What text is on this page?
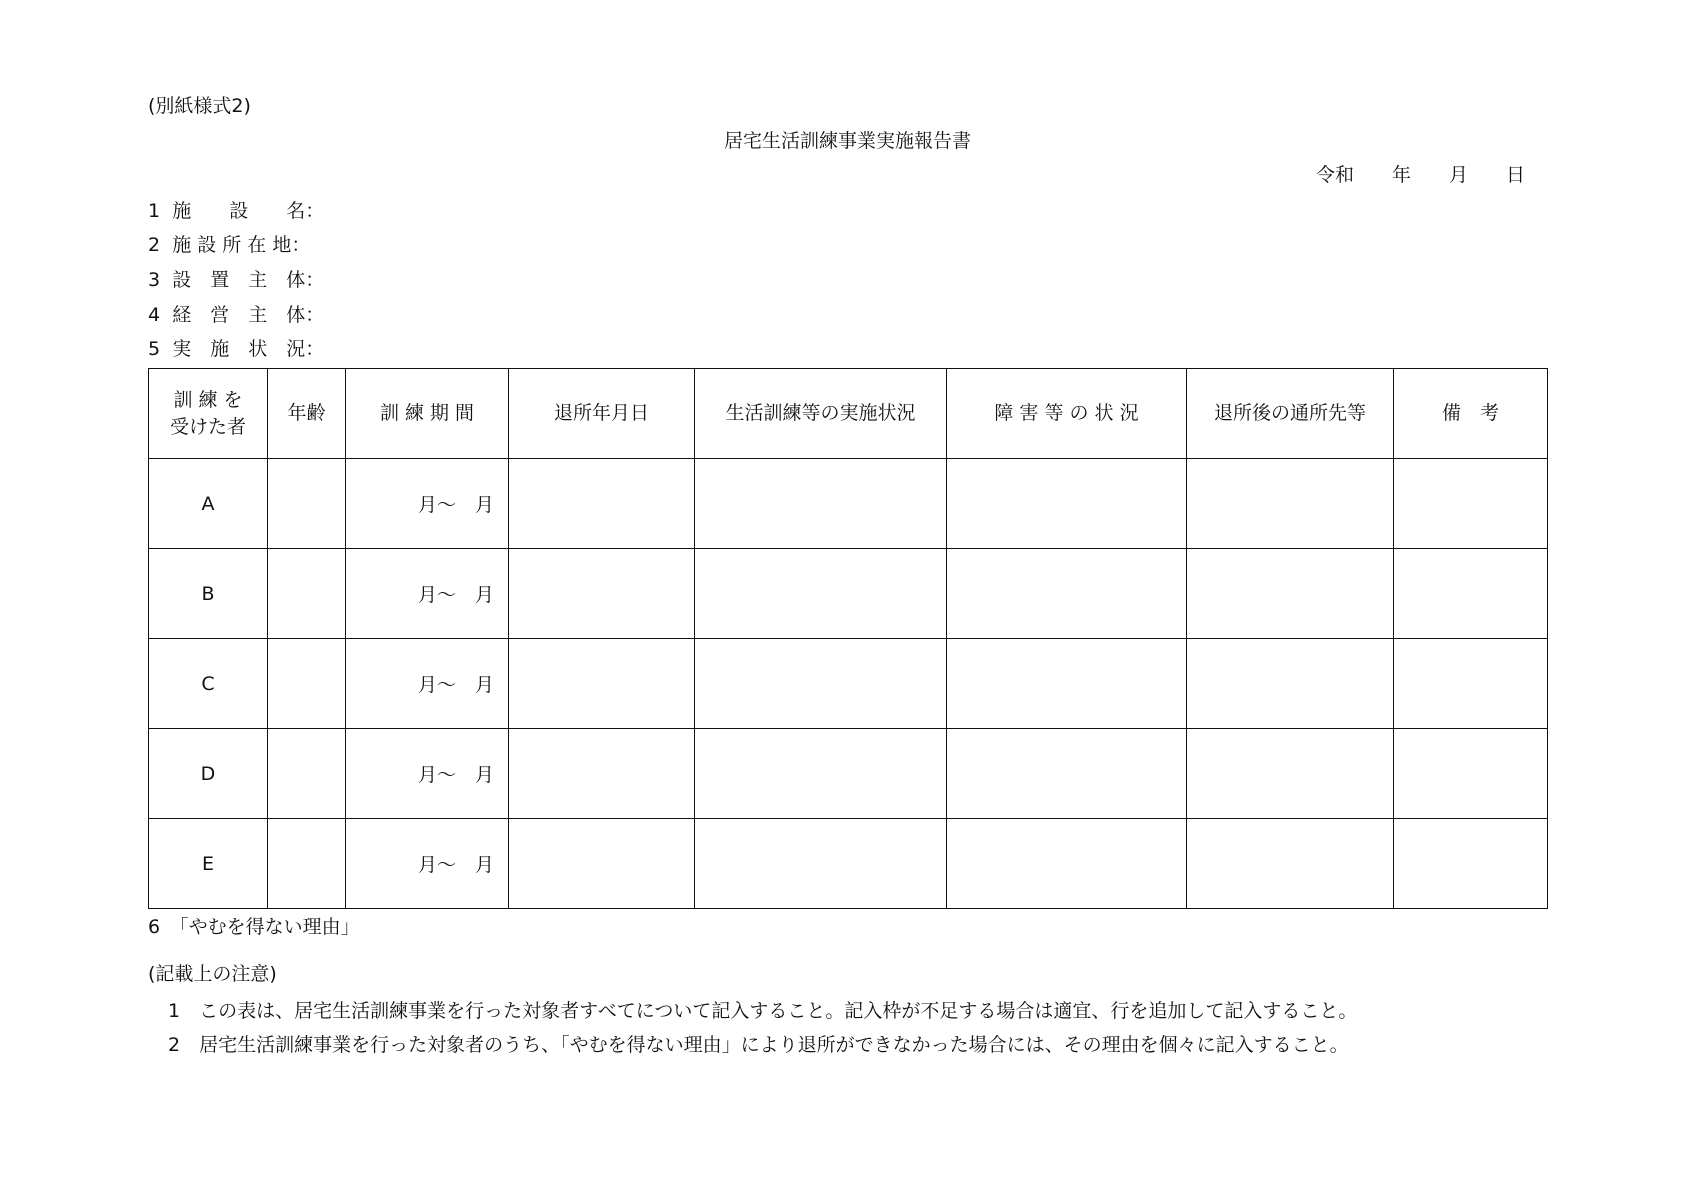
(別紙様式2)
居宅生活訓練事業実施報告書
令和　　年　　月　　日
1 施　　設　　名：
2 施 設 所 在 地：
3 設　置　主　体：
4 経　営　主　体：
5 実　施　状　況：
訓 練 を
受けた者	年齢	訓 練 期 間	退所年月日	生活訓練等の実施状況	障 害 等 の 状 況	退所後の通所先等	備　考
A		月～　月					
B		月～　月					
C		月～　月					
D		月～　月					
E		月～　月					
6　「やむを得ない理由」
(記載上の注意)
1　この表は、居宅生活訓練事業を行った対象者すべてについて記入すること。記入枠が不足する場合は適宜、行を追加して記入すること。
2　居宅生活訓練事業を行った対象者のうち、「やむを得ない理由」により退所ができなかった場合には、その理由を個々に記入すること。
